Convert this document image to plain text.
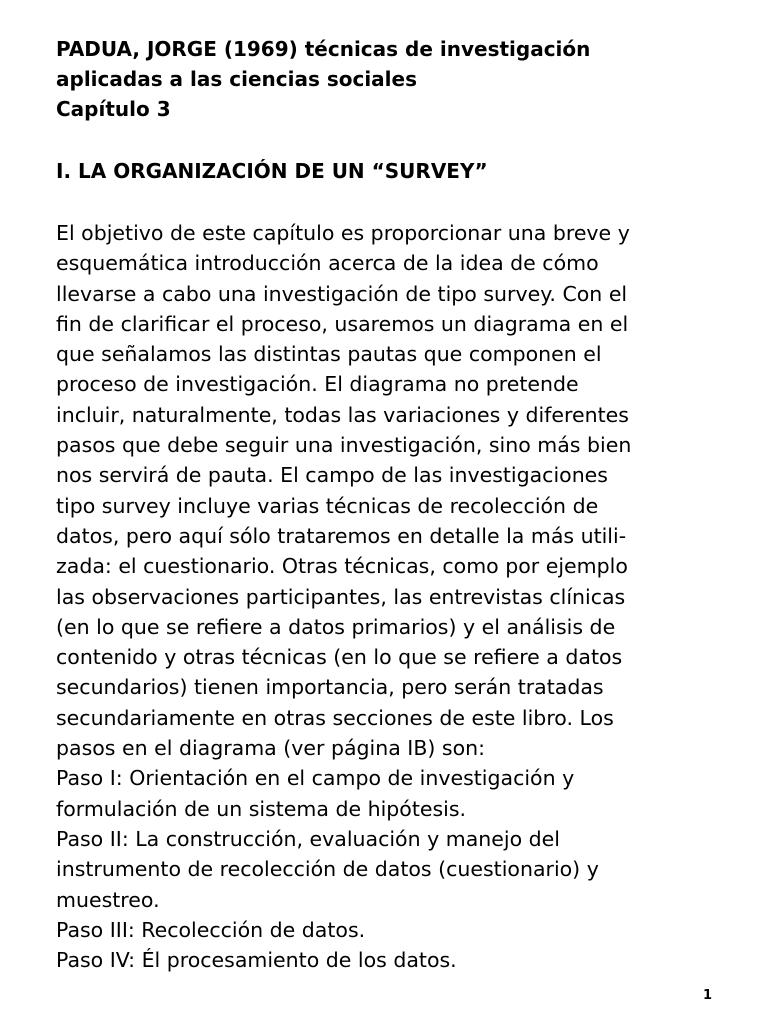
PADUA, JORGE (1969) técnicas de investigación

aplicadas a las ciencias sociales

Capítulo 3

I. LA ORGANIZACIÓN DE UN “SURVEY”

El objetivo de este capítulo es proporcionar una breve y

esquemática introducción acerca de la idea de cómo

llevarse a cabo una investigación de tipo survey. Con el

fin de clarificar el proceso, usaremos un diagrama en el

que señalamos las distintas pautas que componen el

proceso de investigación. El diagrama no pretende

incluir, naturalmente, todas las variaciones y diferentes

pasos que debe seguir una investigación, sino más bien

nos servirá de pauta. El campo de las investigaciones

tipo survey incluye varias técnicas de recolección de

datos, pero aquí sólo trataremos en detalle la más utili-

zada: el cuestionario. Otras técnicas, como por ejemplo

las observaciones participantes, las entrevistas clínicas

(en lo que se refiere a datos primarios) y el análisis de

contenido y otras técnicas (en lo que se refiere a datos

secundarios) tienen importancia, pero serán tratadas

secundariamente en otras secciones de este libro. Los

pasos en el diagrama (ver página IB) son:

Paso I: Orientación en el campo de investigación y

formulación de un sistema de hipótesis.

Paso II: La construcción, evaluación y manejo del

instrumento de recolección de datos (cuestionario) y

muestreo.

Paso III: Recolección de datos.

Paso IV: Él procesamiento de los datos.

1
